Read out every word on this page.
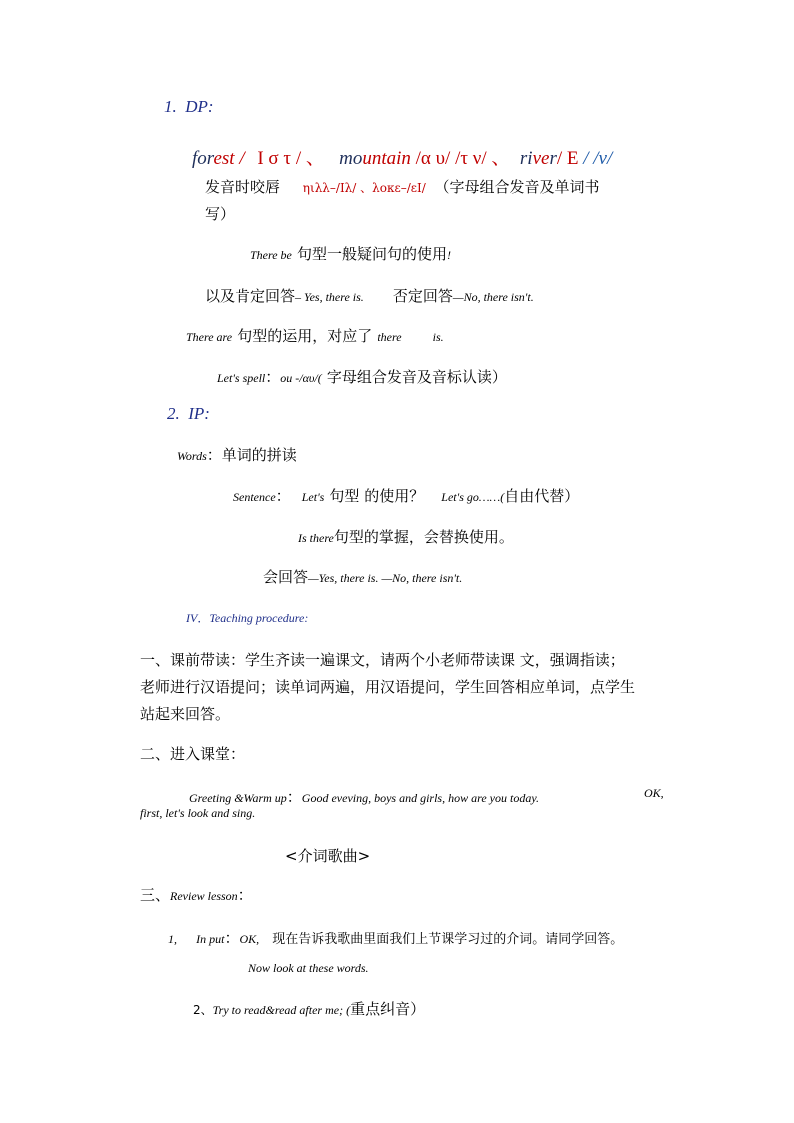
1. DP:
forest / Ι σ τ / 、 mountain /α υ/ /τ ν/ 、 river/ Ε / /ν/
发音时咬唇 ηιλλ–/Ιλ/ 、λοκε–/εΙ/ （字母组合发音及单词书
写）
There be 句型一般疑问句的使用!
以及肯定回答– Yes, there is. 否定回答—No, there isn't.
There are 句型的运用，对应了 there	is.
Let's spell：ou -/αυ/( 字母组合发音及音标认读）
2. IP:
Words：单词的拼读
Sentence： Let's 句型 的使用？ Let's go……(自由代替）
Is there句型的掌握，会替换使用。
会回答—Yes, there is. —No, there isn't.
IV．Teaching procedure:
一、课前带读：学生齐读一遍课文，请两个小老师带读课 文，强调指读；
老师进行汉语提问；读单词两遍，用汉语提问，学生回答相应单词，点学生
站起来回答。
二、进入课堂：
Greeting &Warm up：Good eveving, boys and girls, how are you today.	OK,
first, let's look and sing.
<介词歌曲>
三、Review lesson：
1, In put：OK, 现在告诉我歌曲里面我们上节课学习过的介词。请同学回答。
Now look at these words.
2、Try to read&read after me; (重点纠音）
